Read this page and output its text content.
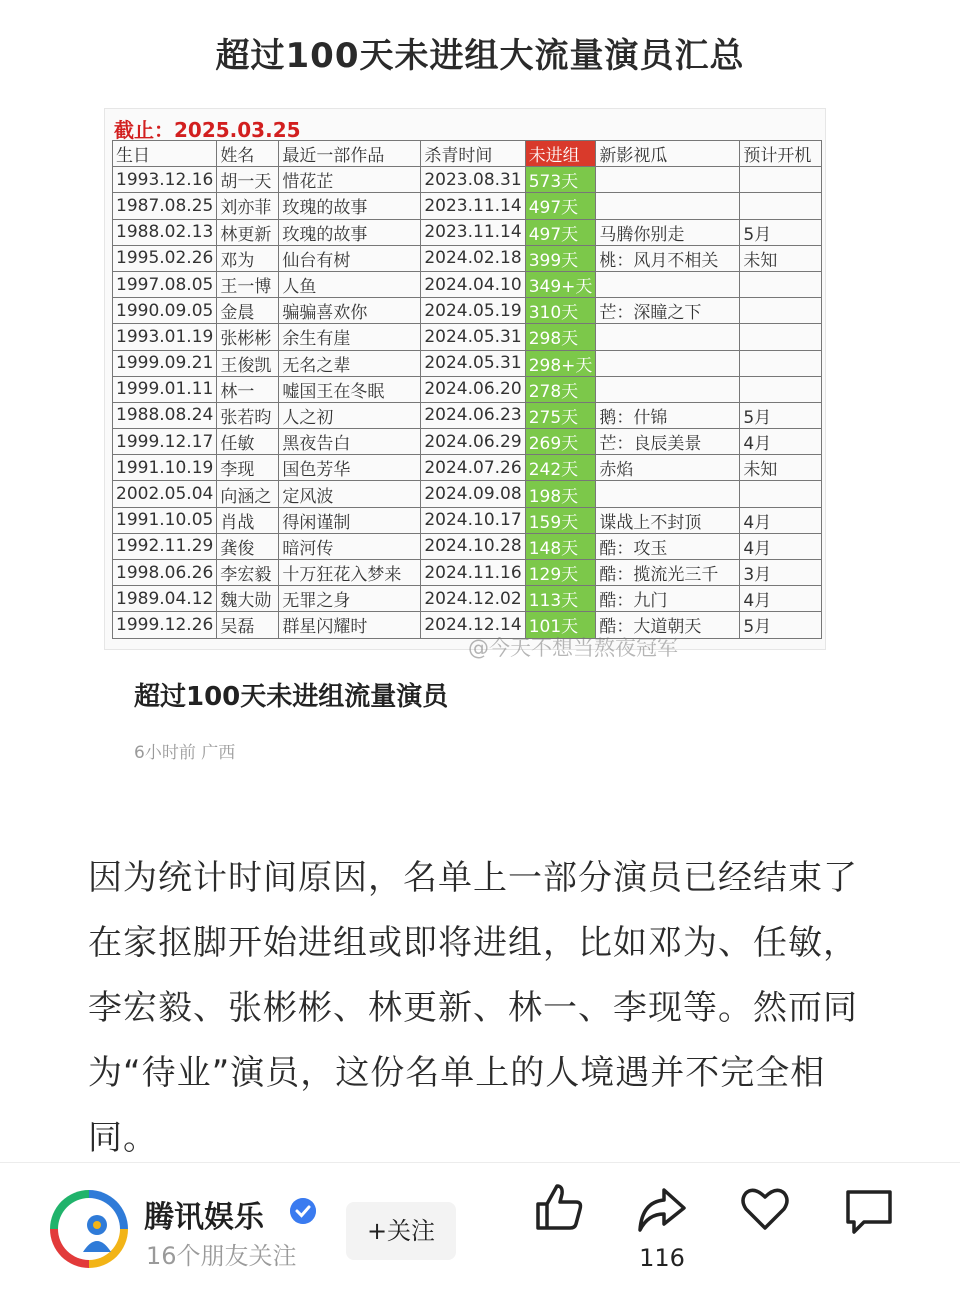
超过100天未进组大流量演员汇总
截止：2025.03.25
生日	姓名	最近一部作品	杀青时间	未进组	新影视瓜	预计开机
1993.12.16	胡一天	惜花芷	2023.08.31	573天		
1987.08.25	刘亦菲	玫瑰的故事	2023.11.14	497天		
1988.02.13	林更新	玫瑰的故事	2023.11.14	497天	马腾你别走	5月
1995.02.26	邓为	仙台有树	2024.02.18	399天	桃：风月不相关	未知
1997.08.05	王一博	人鱼	2024.04.10	349+天		
1990.09.05	金晨	骗骗喜欢你	2024.05.19	310天	芒：深瞳之下	
1993.01.19	张彬彬	余生有崖	2024.05.31	298天		
1999.09.21	王俊凯	无名之辈	2024.05.31	298+天		
1999.01.11	林一	嘘国王在冬眠	2024.06.20	278天		
1988.08.24	张若昀	人之初	2024.06.23	275天	鹅：什锦	5月
1999.12.17	任敏	黑夜告白	2024.06.29	269天	芒：良辰美景	4月
1991.10.19	李现	国色芳华	2024.07.26	242天	赤焰	未知
2002.05.04	向涵之	定风波	2024.09.08	198天		
1991.10.05	肖战	得闲谨制	2024.10.17	159天	谍战上不封顶	4月
1992.11.29	龚俊	暗河传	2024.10.28	148天	酷：攻玉	4月
1998.06.26	李宏毅	十万狂花入梦来	2024.11.16	129天	酷：揽流光三千	3月
1989.04.12	魏大勋	无罪之身	2024.12.02	113天	酷：九门	4月
1999.12.26	吴磊	群星闪耀时	2024.12.14	101天	酷：大道朝天	5月
@今天不想当熬夜冠军
超过100天未进组流量演员
6小时前 广西
因为统计时间原因，名单上一部分演员已经结束了在家抠脚开始进组或即将进组，比如邓为、任敏，李宏毅、张彬彬、林更新、林一、李现等。然而同为“待业”演员，这份名单上的人境遇并不完全相同。
腾讯娱乐
16个朋友关注
+关注
116
